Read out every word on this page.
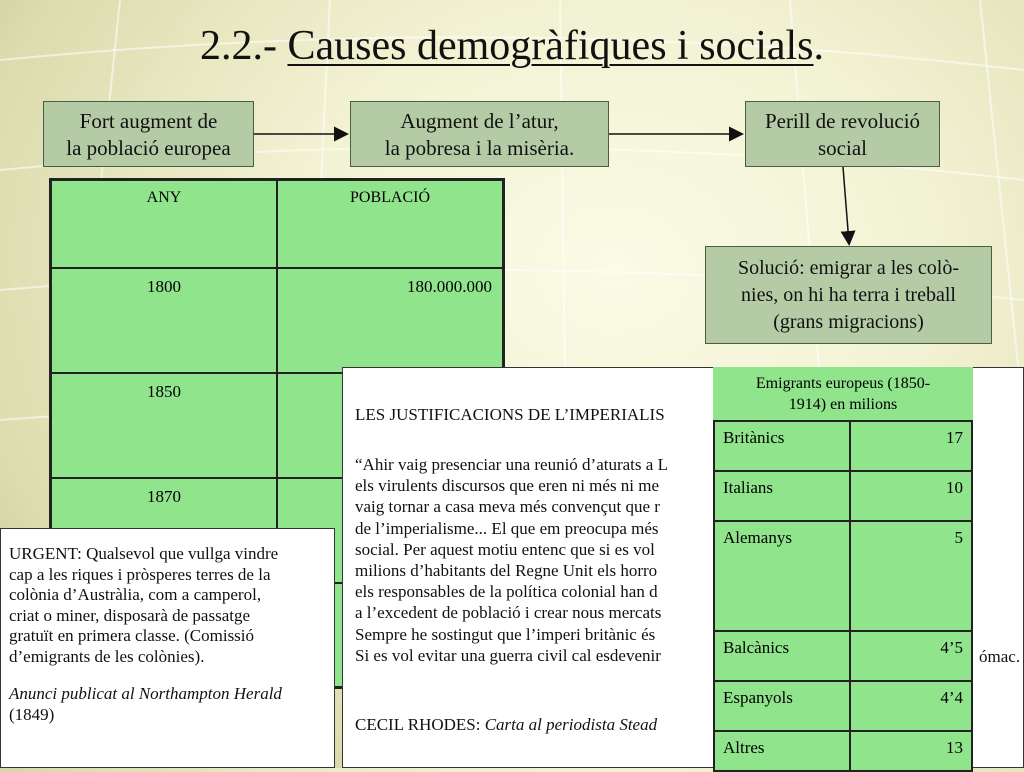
2.2.- Causes demogràfiques i socials.
Fort augment de
la població europea
Augment de l’atur,
la pobresa i la misèria.
Perill de revolució
social
Solució: emigrar a les colò-
nies, on hi ha terra i treball
(grans migracions)
ANY	POBLACIÓ
1800	180.000.000
1850	
1870	

LES JUSTIFICACIONS DE L’IMPERIALIS
“Ahir vaig presenciar una reunió d’aturats a L
els virulents discursos que eren ni més ni me
vaig tornar a casa meva més convençut que r
de l’imperialisme... El que em preocupa més
social. Per aquest motiu entenc que si es vol
milions d’habitants del Regne Unit els horro
els responsables de la política colonial han d
a l’excedent de població i crear nous mercats
Sempre he sostingut que l’imperi britànic és
Si es vol evitar una guerra civil cal esdevenir	ómac.
CECIL RHODES: Carta al periodista Stead
Emigrants europeus (1850-
1914) en milions
Britànics	17
Italians	10
Alemanys	5
Balcànics	4’5
Espanyols	4’4
Altres	13
URGENT: Qualsevol que vullga vindre
cap a les riques i pròsperes terres de la
colònia d’Austràlia, com a camperol,
criat o miner, disposarà de passatge
gratuït en primera classe. (Comissió
d’emigrants de les colònies).
Anunci publicat al Northampton Herald
(1849)
